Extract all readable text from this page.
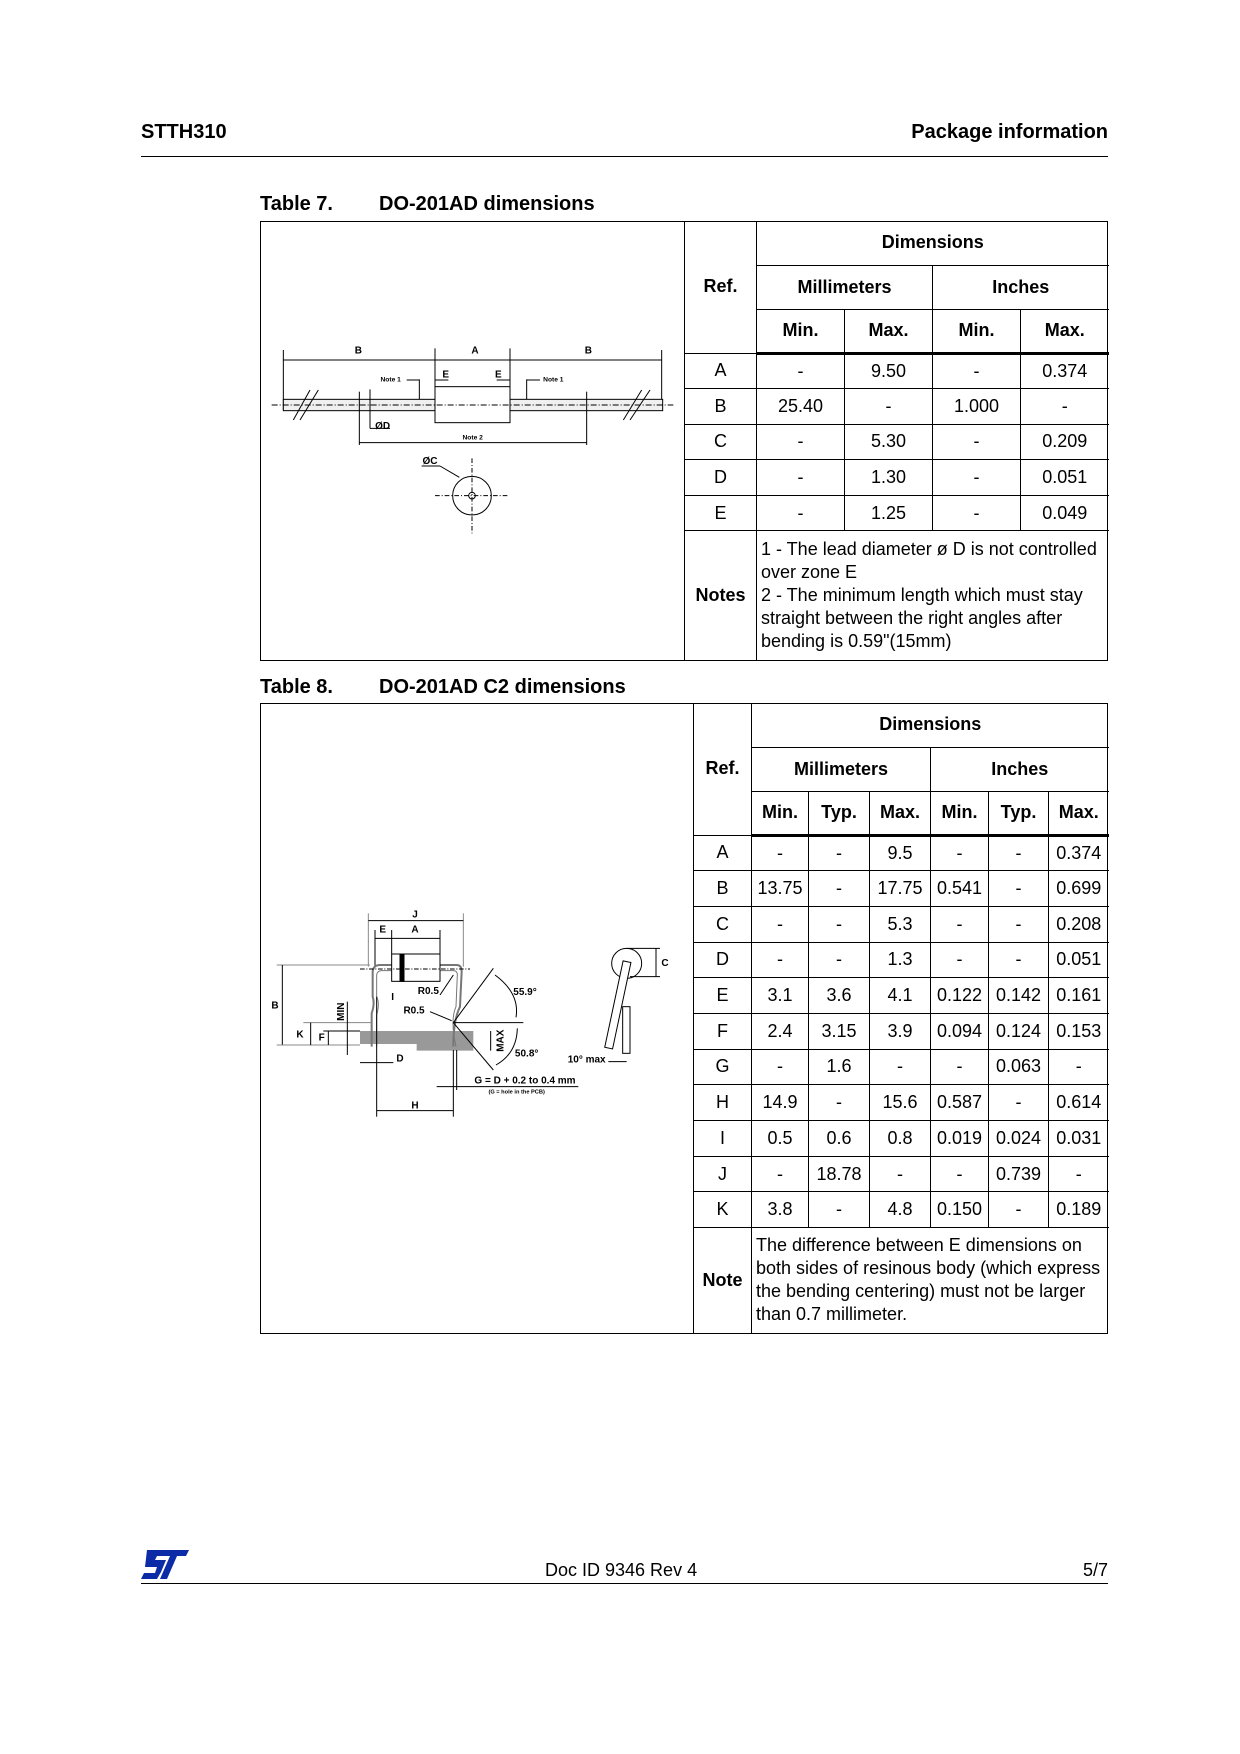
STTH310	Package information
Table 7. DO-201AD dimensions
B	A	B
E E
ØD
ØC
Note 1	Note 1
Note 2
Ref.	Dimensions			
	Millimeters		Inches	
	Min.	Max.	Min.	Max.
A	-	9.50	-	0.374
B	25.40	-	1.000	-
C	-	5.30	-	0.209
D	-	1.30	-	0.051
E	-	1.25	-	0.049
Notes	1 - The lead diameter ø D is not controlled over zone E
2 - The minimum length which must stay straight between the right angles after bending is 0.59"(15mm)			
Table 8. DO-201AD C2 dimensions
J
E A
B
R0.5
R0.5
I
K F
D
55.9°
50.8°
G = D + 0.2 to 0.4 mm
H
C
10° max
MIN
MAX
(G = hole in the PCB)
Ref.	Dimensions					
	Millimeters			Inches		
	Min.	Typ.	Max.	Min.	Typ.	Max.
A	-	-	9.5	-	-	0.374
B	13.75	-	17.75	0.541	-	0.699
C	-	-	5.3	-	-	0.208
D	-	-	1.3	-	-	0.051
E	3.1	3.6	4.1	0.122	0.142	0.161
F	2.4	3.15	3.9	0.094	0.124	0.153
G	-	1.6	-	-	0.063	-
H	14.9	-	15.6	0.587	-	0.614
I	0.5	0.6	0.8	0.019	0.024	0.031
J	-	18.78	-	-	0.739	-
K	3.8	-	4.8	0.150	-	0.189
Note	The difference between E dimensions on both sides of resinous body (which express the bending centering) must not be larger than 0.7 millimeter.					
Doc ID 9346 Rev 4	5/7
